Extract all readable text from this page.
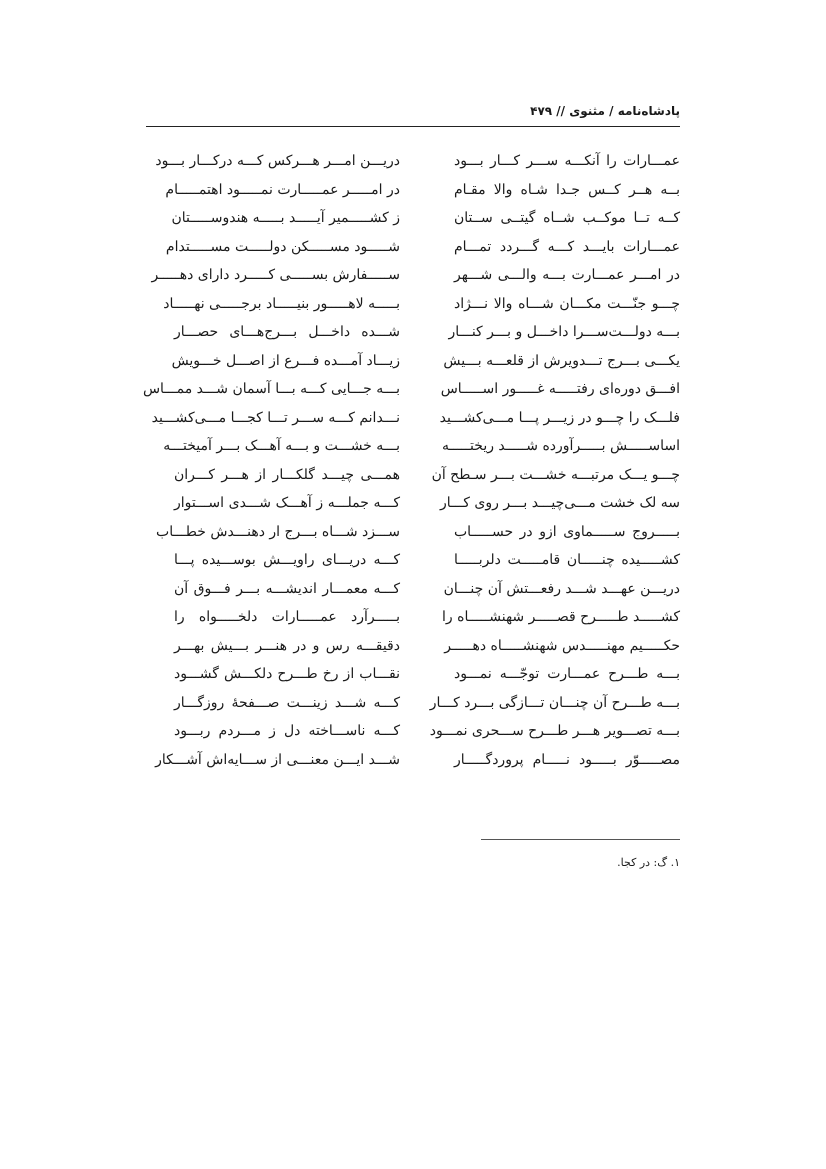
پادشاه‌نامه / مثنوی // ۴۷۹
عمـــارات را آنکـــه ســـر کـــار بـــود
بــه هــر کــس جـدا شـاه والا مقـام
کــه تــا موکــب شــاه گیتــی ســتان
عمـــارات بایـــد کـــه گـــردد تمـــام
در امـــر عمـــارت بـــه والـــی شـــهر
چـــو جنّـــت مکـــان شـــاه والا نـــژاد
بـــه دولـــت‌ســـرا داخـــل و بـــر کنـــار
یکـــی بـــرج تـــدویرش از قلعـــه بـــیش
افـــق دوره‌ای رفتـــــه غـــــور اســـــاس
فلـــک را چـــو در زیـــر پـــا مـــی‌کشـــید
اساســـــش بـــــرآورده شـــــد ریختـــــه
چـــو یـــک مرتبـــه خشـــت بـــر سـطح آن
سه لک خشت مـــی‌چیـــد بـــر روی کـــار
بـــــروج ســـــماوی ازو در حســـــاب
کشـــــیده چنـــــان قامـــــت دلربـــــا
دریـــن عهـــد شـــد رفعـــتش آن چنـــان
کشـــــد طـــــرح قصـــــر شهنشـــــاه را
حکـــــیم مهنـــــدس شهنشـــــاه دهـــــر
بـــه طـــرح عمـــارت توجّـــه نمـــود
بـــه طـــرح آن چنـــان تـــازگی بـــرد کـــار
بـــه تصـــویر هـــر طـــرح ســـحری نمـــود
مصـــــوّر بـــــود نـــــام پروردگـــــار
دریـــن امـــر هـــرکس کـــه درکـــار بـــود
در امـــــر عمـــــارت نمـــــود اهتمـــــام
ز کشـــــمیر آیـــــد بـــــه هندوســـــتان
شـــــود مســـــکن دولـــــت مســـــتدام
ســـــفارش بســـــی کـــــرد دارای دهـــــر
بـــــه لاهـــــور بنیـــــاد برجـــــی نهـــــاد
شـــده داخـــل بـــرج‌هـــای حصـــار
زیـــاد آمـــده فـــرع از اصـــل خـــویش
بـــه جـــایی کـــه بـــا آسمان شـــد ممـــاس
نـــدانم کـــه ســـر تـــا کجـــا مـــی‌کشـــید
بـــه خشـــت و بـــه آهـــک بـــر آمیختـــه
همـــی چیـــد گلکـــار از هـــر کـــران
کـــه جملـــه ز آهـــک شـــدی اســـتوار
ســـزد شـــاه بـــرج ار دهنـــدش خطـــاب
کـــه دریـــای راویـــش بوســـیده پـــا
کـــه معمـــار اندیشـــه بـــر فـــوق آن
بـــــرآرد عمـــــارات دلخـــــواه را
دقیقـــه رس و در هنـــر بـــیش بهـــر
نقـــاب از رخ طـــرح دلکـــش گشـــود
کـــه شـــد زینـــت صـــفحهٔ روزگـــار
کـــه ناســـاخته دل ز مـــردم ربـــود
شـــد ایـــن معنـــی از ســـایه‌اش آشـــکار
۱. گ: در کجا.
